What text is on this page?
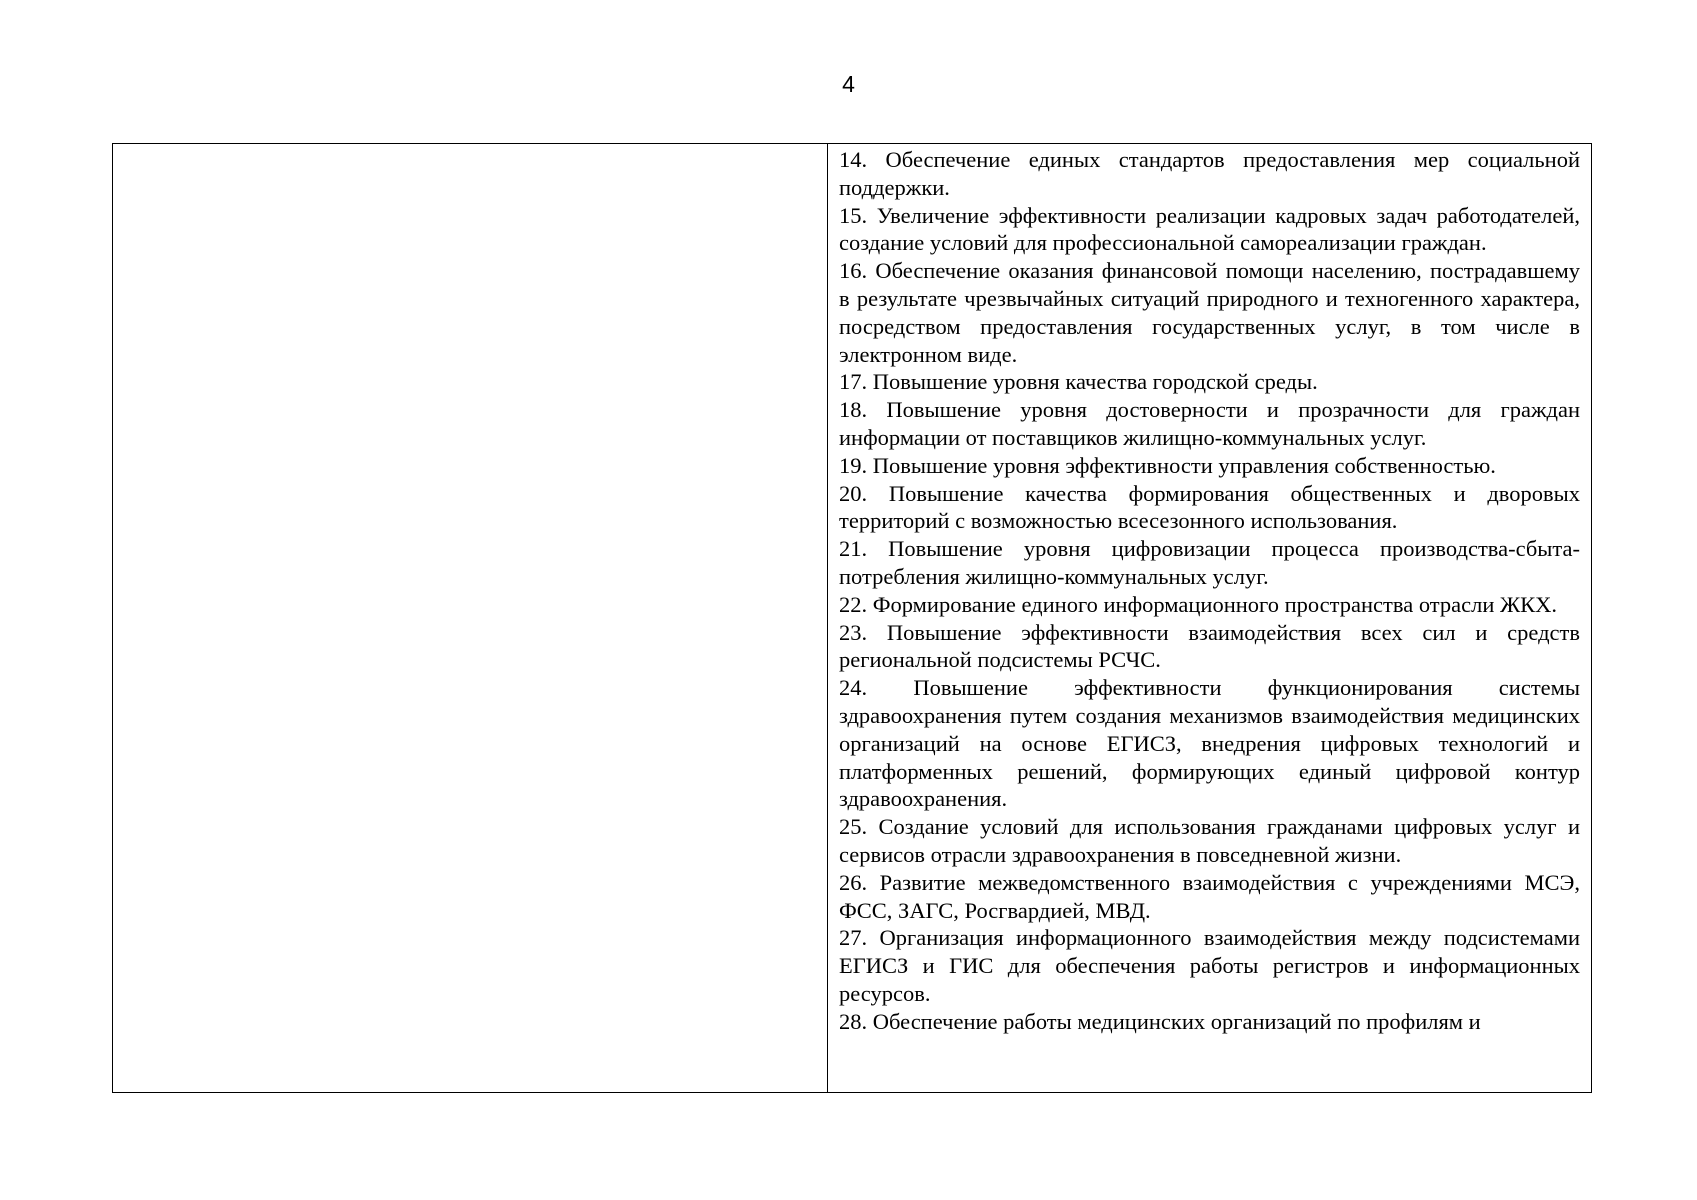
4

14. Обеспечение единых стандартов предоставления мер социальной поддержки.

15. Увеличение эффективности реализации кадровых задач работодателей, создание условий для профессиональной самореализации граждан.

16. Обеспечение оказания финансовой помощи населению, пострадавшему в результате чрезвычайных ситуаций природного и техногенного характера, посредством предоставления государственных услуг, в том числе в электронном виде.

17. Повышение уровня качества городской среды.

18. Повышение уровня достоверности и прозрачности для граждан информации от поставщиков жилищно-коммунальных услуг.

19. Повышение уровня эффективности управления собственностью.

20. Повышение качества формирования общественных и дворовых территорий с возможностью всесезонного использования.

21. Повышение уровня цифровизации процесса производства-сбыта-потребления жилищно-коммунальных услуг.

22. Формирование единого информационного пространства отрасли ЖКХ.

23. Повышение эффективности взаимодействия всех сил и средств региональной подсистемы РСЧС.

24. Повышение эффективности функционирования системы здравоохранения путем создания механизмов взаимодействия медицинских организаций на основе ЕГИСЗ, внедрения цифровых технологий и платформенных решений, формирующих единый цифровой контур здравоохранения.

25. Создание условий для использования гражданами цифровых услуг и сервисов отрасли здравоохранения в повседневной жизни.

26. Развитие межведомственного взаимодействия с учреждениями МСЭ, ФСС, ЗАГС, Росгвардией, МВД.

27. Организация информационного взаимодействия между подсистемами ЕГИСЗ и ГИС для обеспечения работы регистров и информационных ресурсов.

28. Обеспечение работы медицинских организаций по профилям и
